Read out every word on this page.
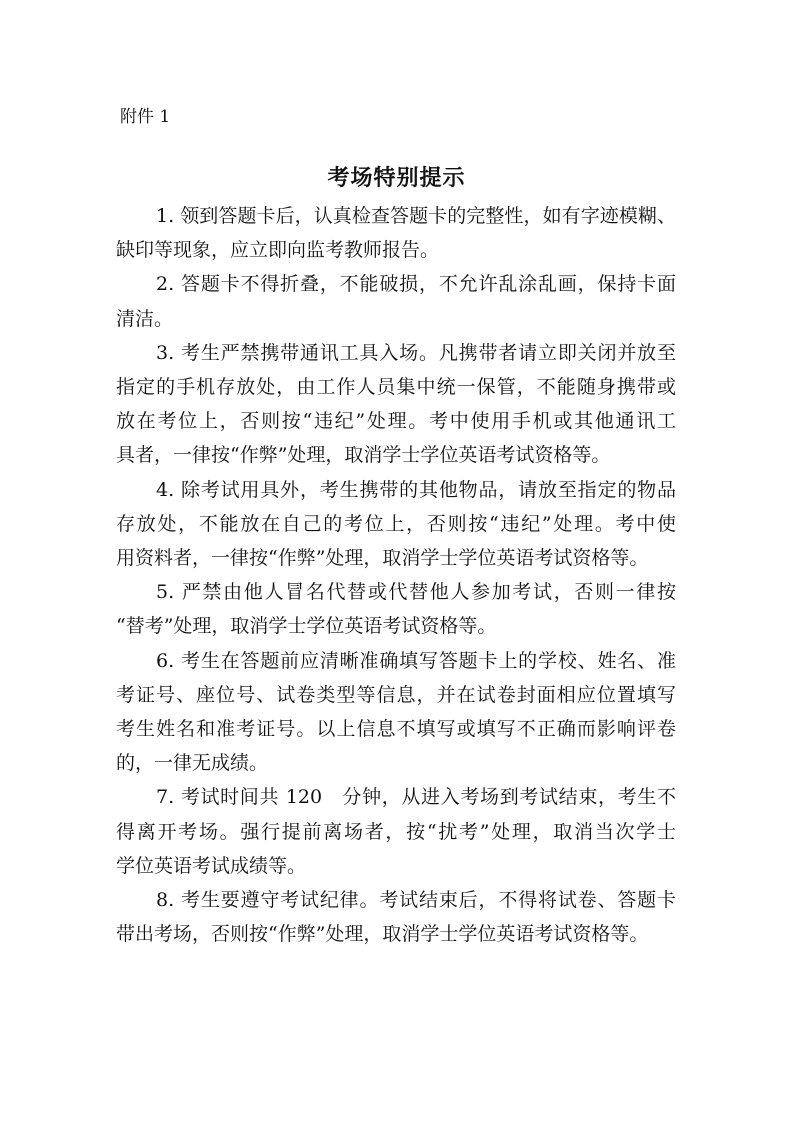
附件 1
考场特别提示

1. 领到答题卡后，认真检查答题卡的完整性，如有字迹模糊、
缺印等现象，应立即向监考教师报告。

2. 答题卡不得折叠，不能破损，不允许乱涂乱画，保持卡面
清洁。

3. 考生严禁携带通讯工具入场。凡携带者请立即关闭并放至
指定的手机存放处，由工作人员集中统一保管，不能随身携带或
放在考位上，否则按“违纪”处理。考中使用手机或其他通讯工
具者，一律按“作弊”处理，取消学士学位英语考试资格等。

4. 除考试用具外，考生携带的其他物品，请放至指定的物品
存放处，不能放在自己的考位上，否则按“违纪”处理。考中使
用资料者，一律按“作弊”处理，取消学士学位英语考试资格等。

5. 严禁由他人冒名代替或代替他人参加考试，否则一律按
“替考”处理，取消学士学位英语考试资格等。

6. 考生在答题前应清晰准确填写答题卡上的学校、姓名、准
考证号、座位号、试卷类型等信息，并在试卷封面相应位置填写
考生姓名和准考证号。以上信息不填写或填写不正确而影响评卷
的，一律无成绩。

7. 考试时间共 120　分钟，从进入考场到考试结束，考生不
得离开考场。强行提前离场者，按“扰考”处理，取消当次学士
学位英语考试成绩等。

8. 考生要遵守考试纪律。考试结束后，不得将试卷、答题卡
带出考场，否则按“作弊”处理，取消学士学位英语考试资格等。
